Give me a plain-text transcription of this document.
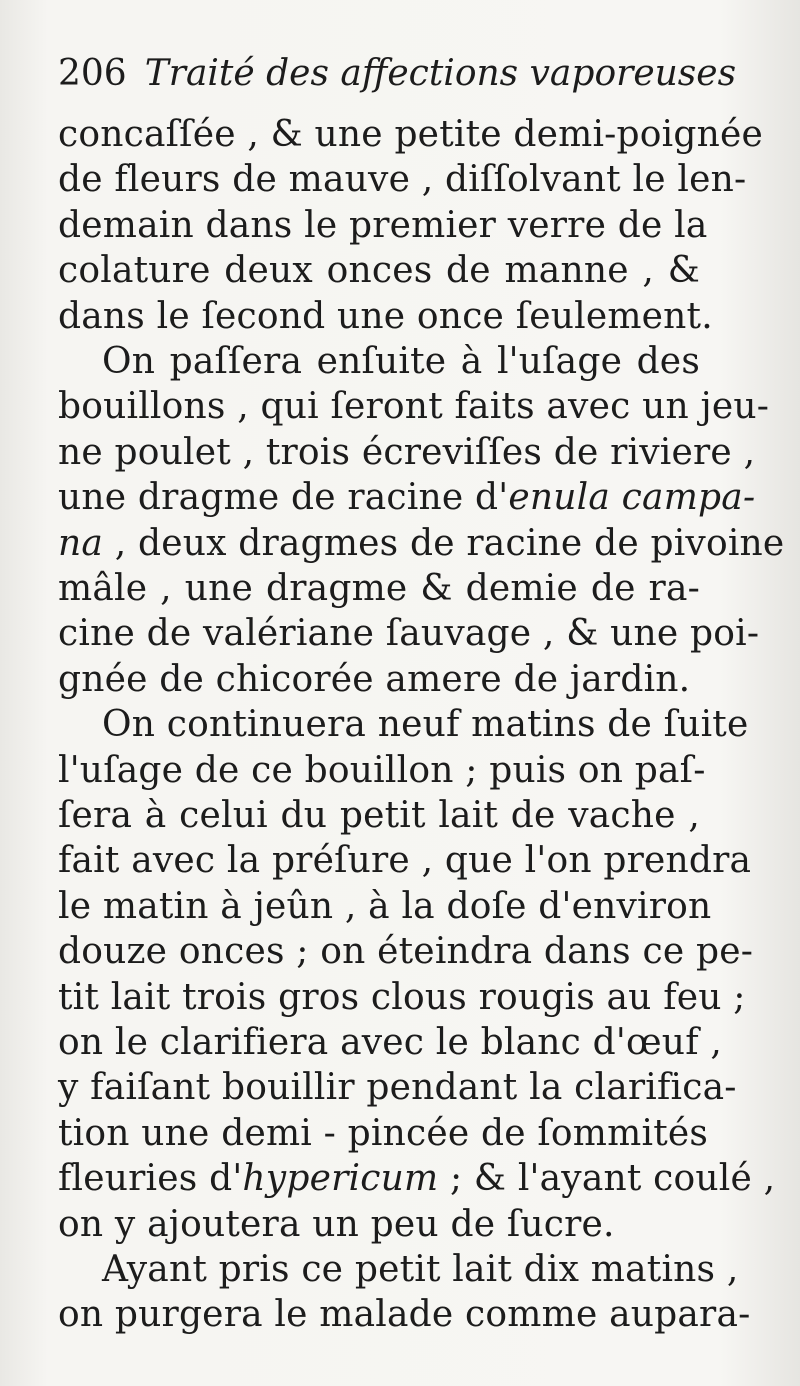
206 Traité des affections vaporeuses
concaſſée , & une petite demi-poignée
de fleurs de mauve , diſſolvant le len-
demain dans le premier verre de la
colature deux onces de manne , &
dans le ſecond une once ſeulement.
On paſſera enſuite à l'uſage des
bouillons , qui ſeront faits avec un jeu-
ne poulet , trois écreviſſes de riviere ,
une dragme de racine d'enula campa-
na , deux dragmes de racine de pivoine
mâle , une dragme & demie de ra-
cine de valériane ſauvage , & une poi-
gnée de chicorée amere de jardin.
On continuera neuf matins de ſuite
l'uſage de ce bouillon ; puis on paſ-
ſera à celui du petit lait de vache ,
fait avec la préſure , que l'on prendra
le matin à jeûn , à la doſe d'environ
douze onces ; on éteindra dans ce pe-
tit lait trois gros clous rougis au feu ;
on le clarifiera avec le blanc d'œuf ,
y faiſant bouillir pendant la clarifica-
tion une demi - pincée de ſommités
fleuries d'hypericum ; & l'ayant coulé ,
on y ajoutera un peu de ſucre.
Ayant pris ce petit lait dix matins ,
on purgera le malade comme aupara-
